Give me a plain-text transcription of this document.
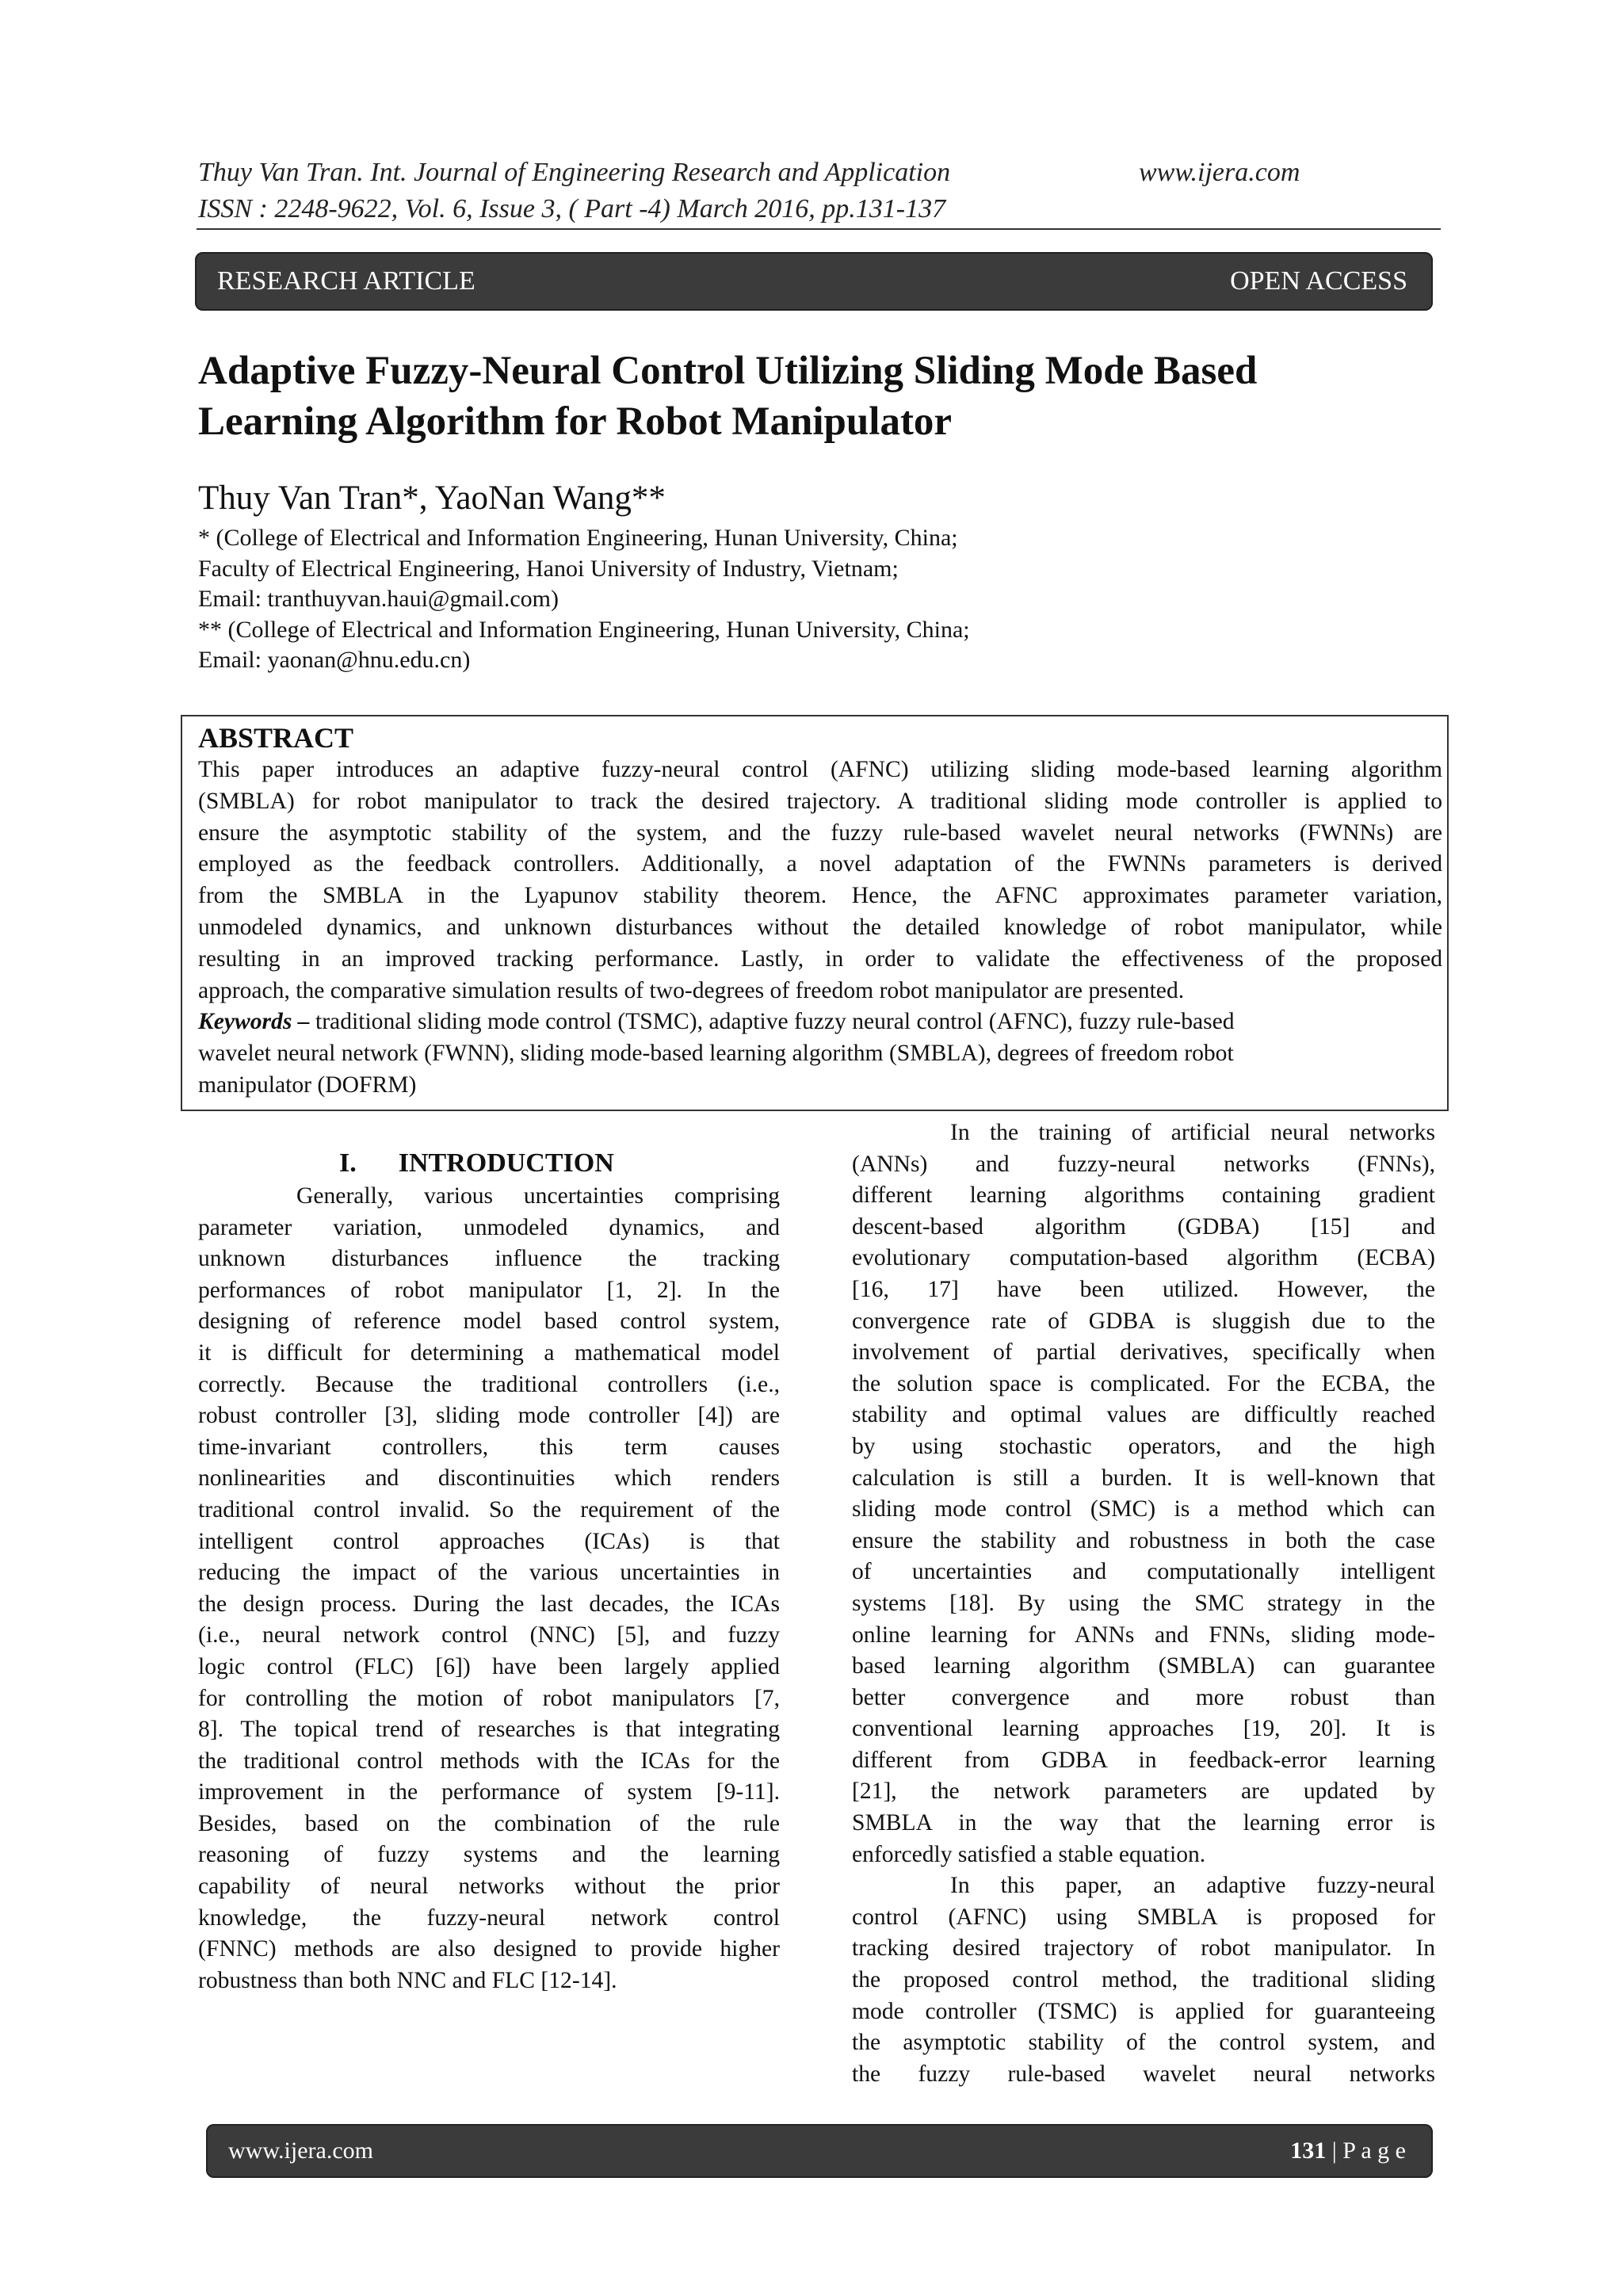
Thuy Van Tran. Int. Journal of Engineering Research and Application	www.ijera.com
ISSN : 2248-9622, Vol. 6, Issue 3, ( Part -4) March 2016, pp.131-137
RESEARCH ARTICLE	OPEN ACCESS
Adaptive Fuzzy-Neural Control Utilizing Sliding Mode Based
Learning Algorithm for Robot Manipulator
Thuy Van Tran*, YaoNan Wang**
* (College of Electrical and Information Engineering, Hunan University, China;
Faculty of Electrical Engineering, Hanoi University of Industry, Vietnam;
Email: tranthuyvan.haui@gmail.com)
** (College of Electrical and Information Engineering, Hunan University, China;
Email: yaonan@hnu.edu.cn)
ABSTRACT
This paper introduces an adaptive fuzzy-neural control (AFNC) utilizing sliding mode-based learning algorithm
(SMBLA) for robot manipulator to track the desired trajectory. A traditional sliding mode controller is applied to
ensure the asymptotic stability of the system, and the fuzzy rule-based wavelet neural networks (FWNNs) are
employed as the feedback controllers. Additionally, a novel adaptation of the FWNNs parameters is derived
from the SMBLA in the Lyapunov stability theorem. Hence, the AFNC approximates parameter variation,
unmodeled dynamics, and unknown disturbances without the detailed knowledge of robot manipulator, while
resulting in an improved tracking performance. Lastly, in order to validate the effectiveness of the proposed
approach, the comparative simulation results of two-degrees of freedom robot manipulator are presented.
Keywords – traditional sliding mode control (TSMC), adaptive fuzzy neural control (AFNC), fuzzy rule-based
wavelet neural network (FWNN), sliding mode-based learning algorithm (SMBLA), degrees of freedom robot
manipulator (DOFRM)
I. INTRODUCTION
Generally, various uncertainties comprising
parameter variation, unmodeled dynamics, and
unknown disturbances influence the tracking
performances of robot manipulator [1, 2]. In the
designing of reference model based control system,
it is difficult for determining a mathematical model
correctly. Because the traditional controllers (i.e.,
robust controller [3], sliding mode controller [4]) are
time-invariant controllers, this term causes
nonlinearities and discontinuities which renders
traditional control invalid. So the requirement of the
intelligent control approaches (ICAs) is that
reducing the impact of the various uncertainties in
the design process. During the last decades, the ICAs
(i.e., neural network control (NNC) [5], and fuzzy
logic control (FLC) [6]) have been largely applied
for controlling the motion of robot manipulators [7,
8]. The topical trend of researches is that integrating
the traditional control methods with the ICAs for the
improvement in the performance of system [9-11].
Besides, based on the combination of the rule
reasoning of fuzzy systems and the learning
capability of neural networks without the prior
knowledge, the fuzzy-neural network control
(FNNC) methods are also designed to provide higher
robustness than both NNC and FLC [12-14].
In the training of artificial neural networks
(ANNs) and fuzzy-neural networks (FNNs),
different learning algorithms containing gradient
descent-based algorithm (GDBA) [15] and
evolutionary computation-based algorithm (ECBA)
[16, 17] have been utilized. However, the
convergence rate of GDBA is sluggish due to the
involvement of partial derivatives, specifically when
the solution space is complicated. For the ECBA, the
stability and optimal values are difficultly reached
by using stochastic operators, and the high
calculation is still a burden. It is well-known that
sliding mode control (SMC) is a method which can
ensure the stability and robustness in both the case
of uncertainties and computationally intelligent
systems [18]. By using the SMC strategy in the
online learning for ANNs and FNNs, sliding mode-
based learning algorithm (SMBLA) can guarantee
better convergence and more robust than
conventional learning approaches [19, 20]. It is
different from GDBA in feedback-error learning
[21], the network parameters are updated by
SMBLA in the way that the learning error is
enforcedly satisfied a stable equation.
In this paper, an adaptive fuzzy-neural
control (AFNC) using SMBLA is proposed for
tracking desired trajectory of robot manipulator. In
the proposed control method, the traditional sliding
mode controller (TSMC) is applied for guaranteeing
the asymptotic stability of the control system, and
the fuzzy rule-based wavelet neural networks
www.ijera.com	131 | P a g e
